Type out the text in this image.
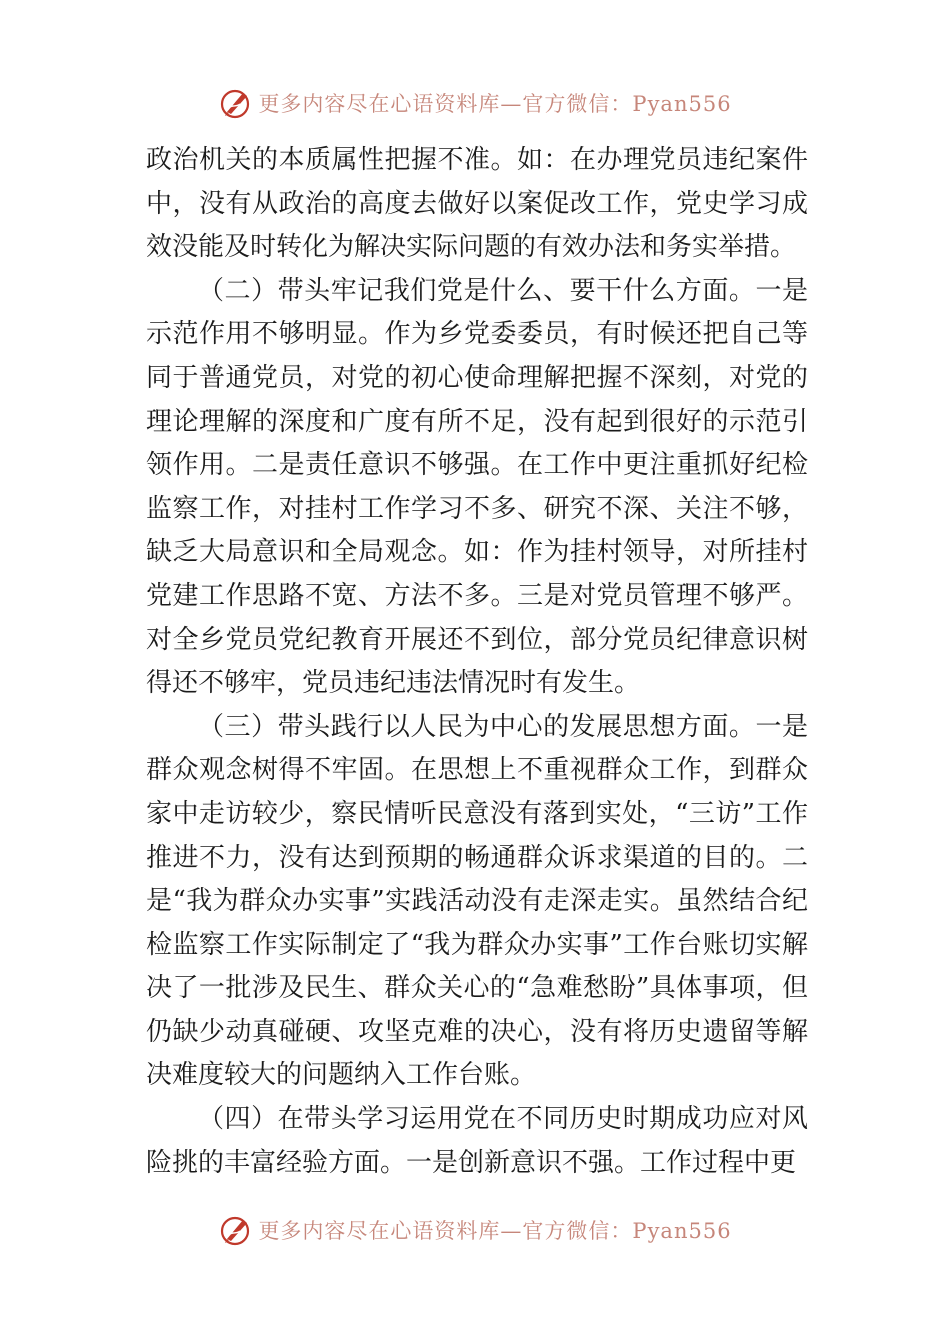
更多内容尽在心语资料库—官方微信：Pyan556

政治机关的本质属性把握不准。如：在办理党员违纪案件中，没有从政治的高度去做好以案促改工作，党史学习成效没能及时转化为解决实际问题的有效办法和务实举措。

（二）带头牢记我们党是什么、要干什么方面。一是示范作用不够明显。作为乡党委委员，有时候还把自己等同于普通党员，对党的初心使命理解把握不深刻，对党的理论理解的深度和广度有所不足，没有起到很好的示范引领作用。二是责任意识不够强。在工作中更注重抓好纪检监察工作，对挂村工作学习不多、研究不深、关注不够，缺乏大局意识和全局观念。如：作为挂村领导，对所挂村党建工作思路不宽、方法不多。三是对党员管理不够严。对全乡党员党纪教育开展还不到位，部分党员纪律意识树得还不够牢，党员违纪违法情况时有发生。

（三）带头践行以人民为中心的发展思想方面。一是群众观念树得不牢固。在思想上不重视群众工作，到群众家中走访较少，察民情听民意没有落到实处，“三访”工作推进不力，没有达到预期的畅通群众诉求渠道的目的。二是“我为群众办实事”实践活动没有走深走实。虽然结合纪检监察工作实际制定了“我为群众办实事”工作台账切实解决了一批涉及民生、群众关心的“急难愁盼”具体事项，但仍缺少动真碰硬、攻坚克难的决心，没有将历史遗留等解决难度较大的问题纳入工作台账。

（四）在带头学习运用党在不同历史时期成功应对风险挑的丰富经验方面。一是创新意识不强。工作过程中更

更多内容尽在心语资料库—官方微信：Pyan556
